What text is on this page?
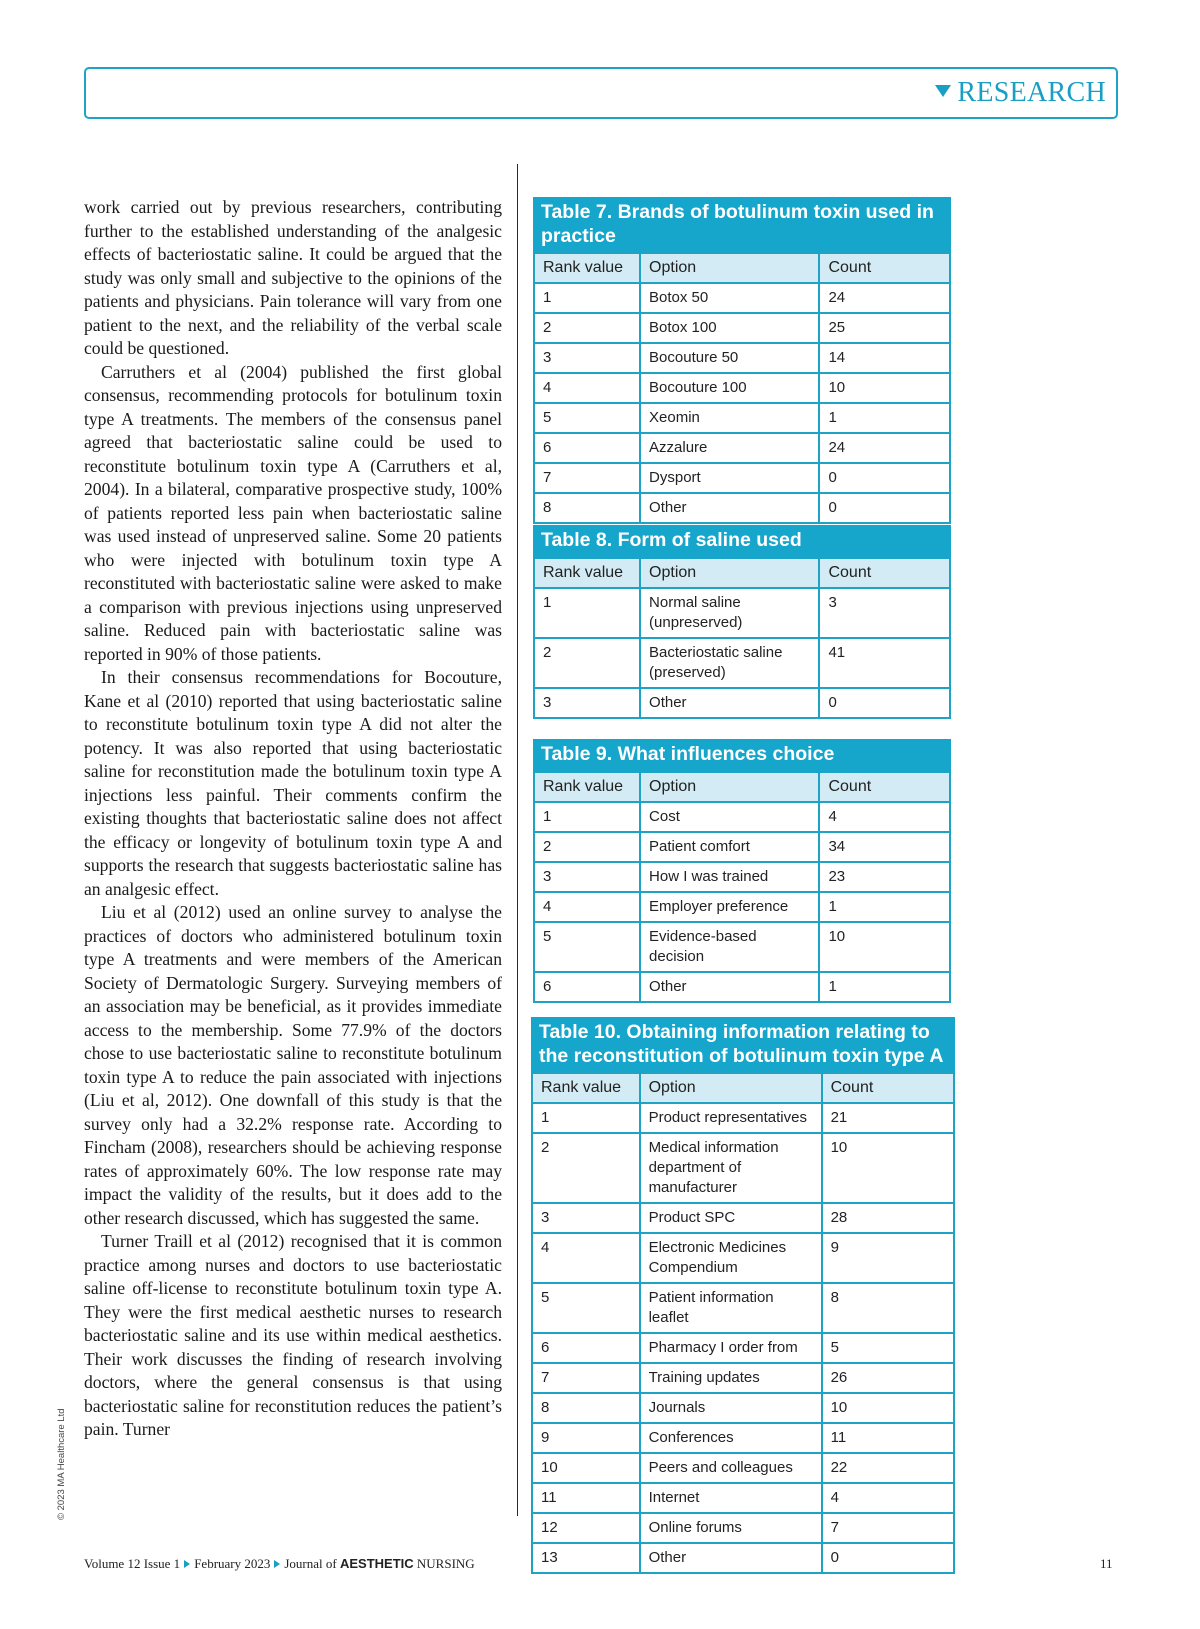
RESEARCH

work carried out by previous researchers, contributing further to the established understanding of the analgesic effects of bacteriostatic saline. It could be argued that the study was only small and subjective to the opinions of the patients and physicians. Pain tolerance will vary from one patient to the next, and the reliability of the verbal scale could be questioned.

Carruthers et al (2004) published the first global consensus, recommending protocols for botulinum toxin type A treatments. The members of the consensus panel agreed that bacteriostatic saline could be used to reconstitute botulinum toxin type A (Carruthers et al, 2004). In a bilateral, comparative prospective study, 100% of patients reported less pain when bacteriostatic saline was used instead of unpreserved saline. Some 20 patients who were injected with botulinum toxin type A reconstituted with bacteriostatic saline were asked to make a comparison with previous injections using unpreserved saline. Reduced pain with bacteriostatic saline was reported in 90% of those patients.

In their consensus recommendations for Bocouture, Kane et al (2010) reported that using bacteriostatic saline to reconstitute botulinum toxin type A did not alter the potency. It was also reported that using bacteriostatic saline for reconstitution made the botulinum toxin type A injections less painful. Their comments confirm the existing thoughts that bacteriostatic saline does not affect the efficacy or longevity of botulinum toxin type A and supports the research that suggests bacteriostatic saline has an analgesic effect.

Liu et al (2012) used an online survey to analyse the practices of doctors who administered botulinum toxin type A treatments and were members of the American Society of Dermatologic Surgery. Surveying members of an association may be beneficial, as it provides immediate access to the membership. Some 77.9% of the doctors chose to use bacteriostatic saline to reconstitute botulinum toxin type A to reduce the pain associated with injections (Liu et al, 2012). One downfall of this study is that the survey only had a 32.2% response rate. According to Fincham (2008), researchers should be achieving response rates of approximately 60%. The low response rate may impact the validity of the results, but it does add to the other research discussed, which has suggested the same.

Turner Traill et al (2012) recognised that it is common practice among nurses and doctors to use bacteriostatic saline off-license to reconstitute botulinum toxin type A. They were the first medical aesthetic nurses to research bacteriostatic saline and its use within medical aesthetics. Their work discusses the finding of research involving doctors, where the general consensus is that using bacteriostatic saline for reconstitution reduces the patient’s pain. Turner

© 2023 MA Healthcare Ltd
Table 7. Brands of botulinum toxin used in practice
Rank value	Option	Count
1	Botox 50	24
2	Botox 100	25
3	Bocouture 50	14
4	Bocouture 100	10
5	Xeomin	1
6	Azzalure	24
7	Dysport	0
8	Other	0
Table 8. Form of saline used
Rank value	Option	Count
1	Normal saline (unpreserved)	3
2	Bacteriostatic saline (preserved)	41
3	Other	0
Table 9. What influences choice
Rank value	Option	Count
1	Cost	4
2	Patient comfort	34
3	How I was trained	23
4	Employer preference	1
5	Evidence-based decision	10
6	Other	1
Table 10. Obtaining information relating to the reconstitution of botulinum toxin type A
Rank value	Option	Count
1	Product representatives	21
2	Medical information department of manufacturer	10
3	Product SPC	28
4	Electronic Medicines Compendium	9
5	Patient information leaflet	8
6	Pharmacy I order from	5
7	Training updates	26
8	Journals	10
9	Conferences	11
10	Peers and colleagues	22
11	Internet	4
12	Online forums	7
13	Other	0
Volume 12 Issue 1 February 2023 Journal of AESTHETIC NURSING	11
